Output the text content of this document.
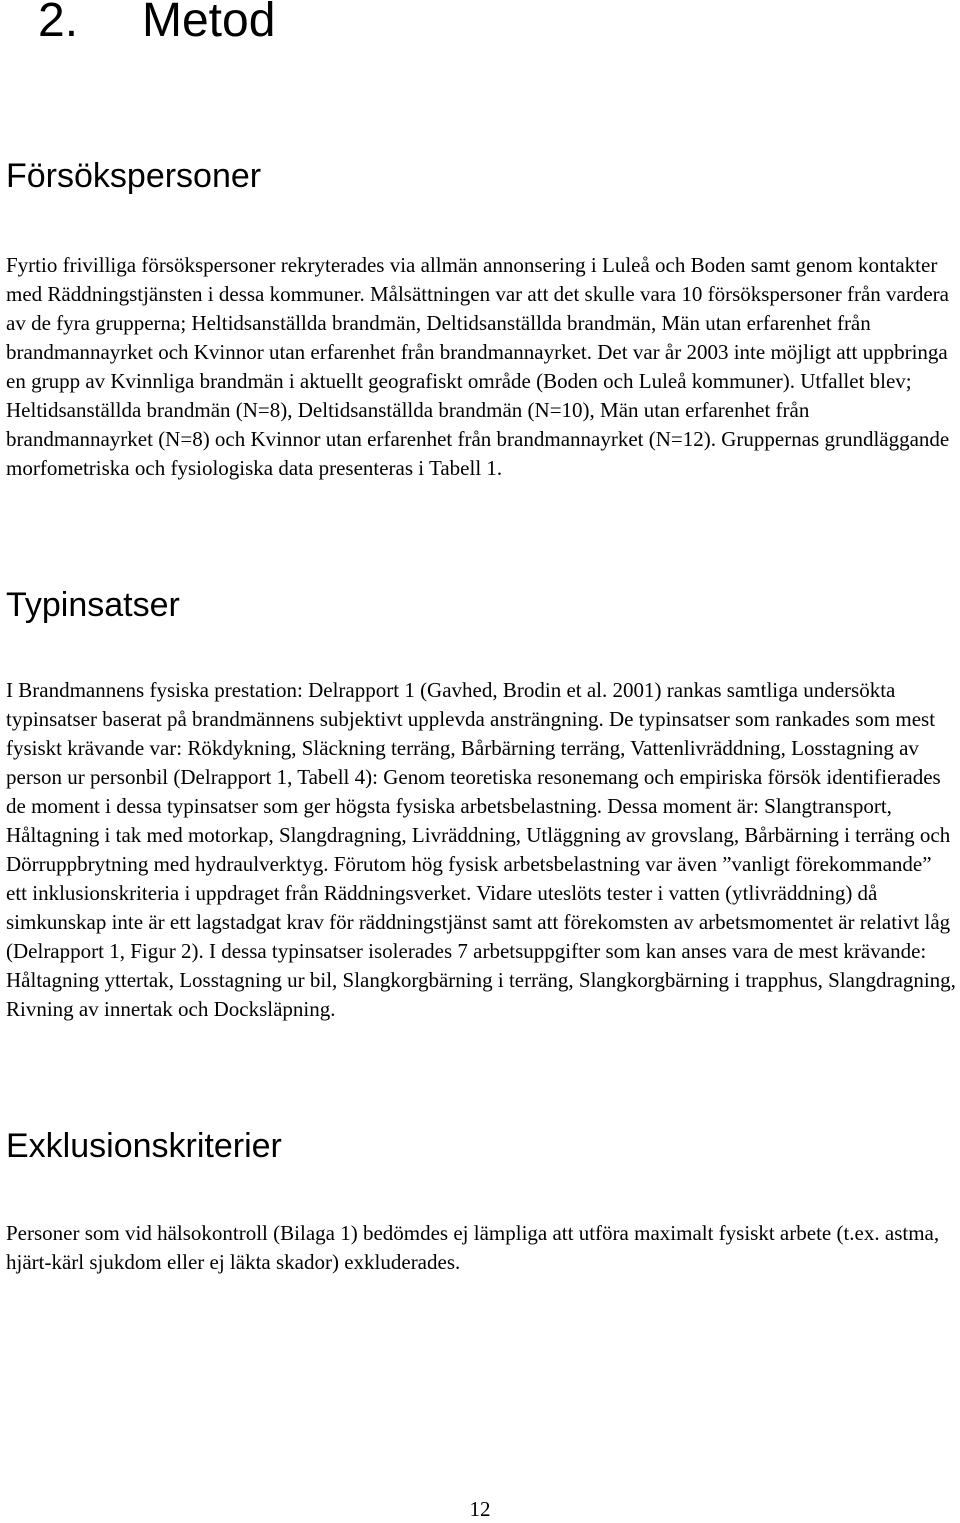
2. Metod
Försökspersoner

Fyrtio frivilliga försökspersoner rekryterades via allmän annonsering i Luleå och Boden samt genom kontakter med Räddningstjänsten i dessa kommuner. Målsättningen var att det skulle vara 10 försökspersoner från vardera av de fyra grupperna; Heltidsanställda brandmän, Deltidsanställda brandmän, Män utan erfarenhet från brandmannayrket och Kvinnor utan erfarenhet från brandmannayrket. Det var år 2003 inte möjligt att uppbringa en grupp av Kvinnliga brandmän i aktuellt geografiskt område (Boden och Luleå kommuner). Utfallet blev; Heltidsanställda brandmän (N=8), Deltidsanställda brandmän (N=10), Män utan erfarenhet från brandmannayrket (N=8) och Kvinnor utan erfarenhet från brandmannayrket (N=12). Gruppernas grundläggande morfometriska och fysiologiska data presenteras i Tabell 1.

Typinsatser

I Brandmannens fysiska prestation: Delrapport 1 (Gavhed, Brodin et al. 2001) rankas samtliga undersökta typinsatser baserat på brandmännens subjektivt upplevda ansträngning. De typinsatser som rankades som mest fysiskt krävande var: Rökdykning, Släckning terräng, Bårbärning terräng, Vattenlivräddning, Losstagning av person ur personbil (Delrapport 1, Tabell 4): Genom teoretiska resonemang och empiriska försök identifierades de moment i dessa typinsatser som ger högsta fysiska arbetsbelastning. Dessa moment är: Slangtransport, Håltagning i tak med motorkap, Slangdragning, Livräddning, Utläggning av grovslang, Bårbärning i terräng och Dörruppbrytning med hydraulverktyg. Förutom hög fysisk arbetsbelastning var även ”vanligt förekommande” ett inklusionskriteria i uppdraget från Räddningsverket. Vidare uteslöts tester i vatten (ytlivräddning) då simkunskap inte är ett lagstadgat krav för räddningstjänst samt att förekomsten av arbetsmomentet är relativt låg (Delrapport 1, Figur 2). I dessa typinsatser isolerades 7 arbetsuppgifter som kan anses vara de mest krävande: Håltagning yttertak, Losstagning ur bil, Slangkorgbärning i terräng, Slangkorgbärning i trapphus, Slangdragning, Rivning av innertak och Docksläpning.

Exklusionskriterier

Personer som vid hälsokontroll (Bilaga 1) bedömdes ej lämpliga att utföra maximalt fysiskt arbete (t.ex. astma, hjärt-kärl sjukdom eller ej läkta skador) exkluderades.

12
